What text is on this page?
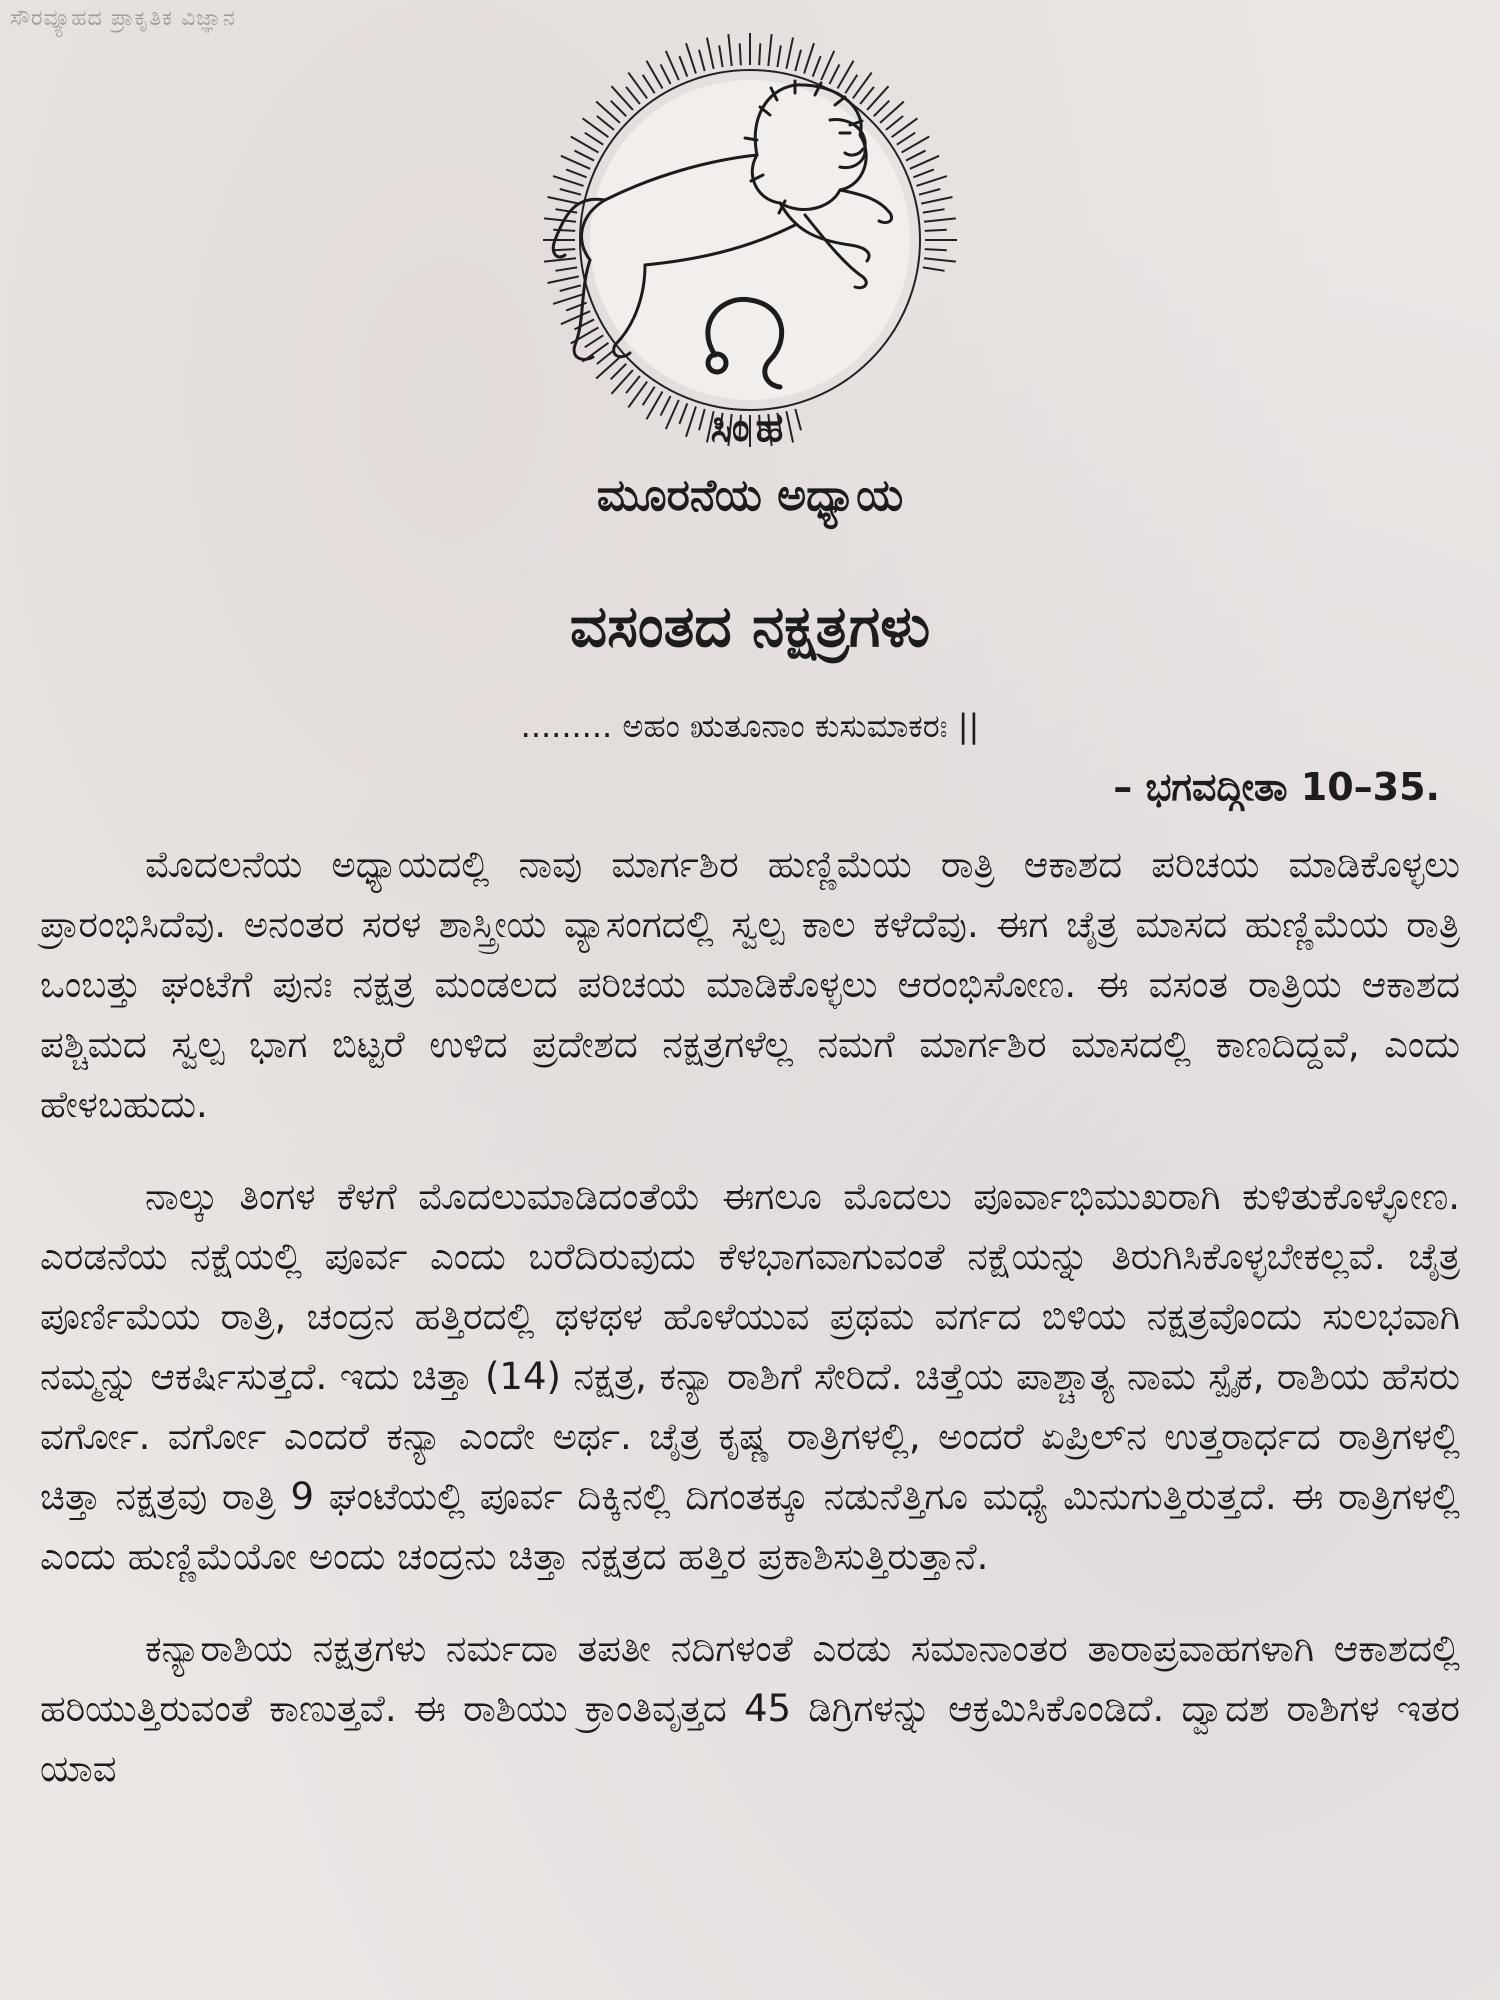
ಸೌರವ್ಯೂಹದ ಪ್ರಾಕೃತಿಕ ವಿಜ್ಞಾನ
ಸಿಂಹ
ಮೂರನೆಯ ಅಧ್ಯಾಯ
ವಸಂತದ ನಕ್ಷತ್ರಗಳು
......... ಅಹಂ ಋತೂನಾಂ ಕುಸುಮಾಕರಃ ||
– ಭಗವದ್ಗೀತಾ 10–35.

ಮೊದಲನೆಯ ಅಧ್ಯಾಯದಲ್ಲಿ ನಾವು ಮಾರ್ಗಶಿರ ಹುಣ್ಣಿಮೆಯ ರಾತ್ರಿ ಆಕಾಶದ ಪರಿಚಯ ಮಾಡಿಕೊಳ್ಳಲು ಪ್ರಾರಂಭಿಸಿದೆವು. ಅನಂತರ ಸರಳ ಶಾಸ್ತ್ರೀಯ ವ್ಯಾಸಂಗದಲ್ಲಿ ಸ್ವಲ್ಪ ಕಾಲ ಕಳೆದೆವು. ಈಗ ಚೈತ್ರ ಮಾಸದ ಹುಣ್ಣಿಮೆಯ ರಾತ್ರಿ ಒಂಬತ್ತು ಘಂಟೆಗೆ ಪುನಃ ನಕ್ಷತ್ರ ಮಂಡಲದ ಪರಿಚಯ ಮಾಡಿಕೊಳ್ಳಲು ಆರಂಭಿಸೋಣ. ಈ ವಸಂತ ರಾತ್ರಿಯ ಆಕಾಶದ ಪಶ್ಚಿಮದ ಸ್ವಲ್ಪ ಭಾಗ ಬಿಟ್ಟರೆ ಉಳಿದ ಪ್ರದೇಶದ ನಕ್ಷತ್ರಗಳೆಲ್ಲ ನಮಗೆ ಮಾರ್ಗಶಿರ ಮಾಸದಲ್ಲಿ ಕಾಣದಿದ್ದವೆ, ಎಂದು ಹೇಳಬಹುದು.

ನಾಲ್ಕು ತಿಂಗಳ ಕೆಳಗೆ ಮೊದಲುಮಾಡಿದಂತೆಯೆ ಈಗಲೂ ಮೊದಲು ಪೂರ್ವಾಭಿಮುಖರಾಗಿ ಕುಳಿತುಕೊಳ್ಳೋಣ. ಎರಡನೆಯ ನಕ್ಷೆಯಲ್ಲಿ ಪೂರ್ವ ಎಂದು ಬರೆದಿರುವುದು ಕೆಳಭಾಗವಾಗುವಂತೆ ನಕ್ಷೆಯನ್ನು ತಿರುಗಿಸಿಕೊಳ್ಳಬೇಕಲ್ಲವೆ. ಚೈತ್ರ ಪೂರ್ಣಿಮೆಯ ರಾತ್ರಿ, ಚಂದ್ರನ ಹತ್ತಿರದಲ್ಲಿ ಥಳಥಳ ಹೊಳೆಯುವ ಪ್ರಥಮ ವರ್ಗದ ಬಿಳಿಯ ನಕ್ಷತ್ರವೊಂದು ಸುಲಭವಾಗಿ ನಮ್ಮನ್ನು ಆಕರ್ಷಿಸುತ್ತದೆ. ಇದು ಚಿತ್ತಾ (14) ನಕ್ಷತ್ರ, ಕನ್ಯಾ ರಾಶಿಗೆ ಸೇರಿದೆ. ಚಿತ್ತೆಯ ಪಾಶ್ಚಾತ್ಯ ನಾಮ ಸ್ಪೈಕ, ರಾಶಿಯ ಹೆಸರು ವರ್ಗೋ. ವರ್ಗೋ ಎಂದರೆ ಕನ್ಯಾ ಎಂದೇ ಅರ್ಥ. ಚೈತ್ರ ಕೃಷ್ಣ ರಾತ್ರಿಗಳಲ್ಲಿ, ಅಂದರೆ ಏಪ್ರಿಲ್‌ನ ಉತ್ತರಾರ್ಧದ ರಾತ್ರಿಗಳಲ್ಲಿ ಚಿತ್ತಾ ನಕ್ಷತ್ರವು ರಾತ್ರಿ 9 ಘಂಟೆಯಲ್ಲಿ ಪೂರ್ವ ದಿಕ್ಕಿನಲ್ಲಿ ದಿಗಂತಕ್ಕೂ ನಡುನೆತ್ತಿಗೂ ಮಧ್ಯೆ ಮಿನುಗುತ್ತಿರುತ್ತದೆ. ಈ ರಾತ್ರಿಗಳಲ್ಲಿ ಎಂದು ಹುಣ್ಣಿಮೆಯೋ ಅಂದು ಚಂದ್ರನು ಚಿತ್ತಾ ನಕ್ಷತ್ರದ ಹತ್ತಿರ ಪ್ರಕಾಶಿಸುತ್ತಿರುತ್ತಾನೆ.

ಕನ್ಯಾರಾಶಿಯ ನಕ್ಷತ್ರಗಳು ನರ್ಮದಾ ತಪತೀ ನದಿಗಳಂತೆ ಎರಡು ಸಮಾನಾಂತರ ತಾರಾಪ್ರವಾಹಗಳಾಗಿ ಆಕಾಶದಲ್ಲಿ ಹರಿಯುತ್ತಿರುವಂತೆ ಕಾಣುತ್ತವೆ. ಈ ರಾಶಿಯು ಕ್ರಾಂತಿವೃತ್ತದ 45 ಡಿಗ್ರಿಗಳನ್ನು ಆಕ್ರಮಿಸಿಕೊಂಡಿದೆ. ದ್ವಾದಶ ರಾಶಿಗಳ ಇತರ ಯಾವ
